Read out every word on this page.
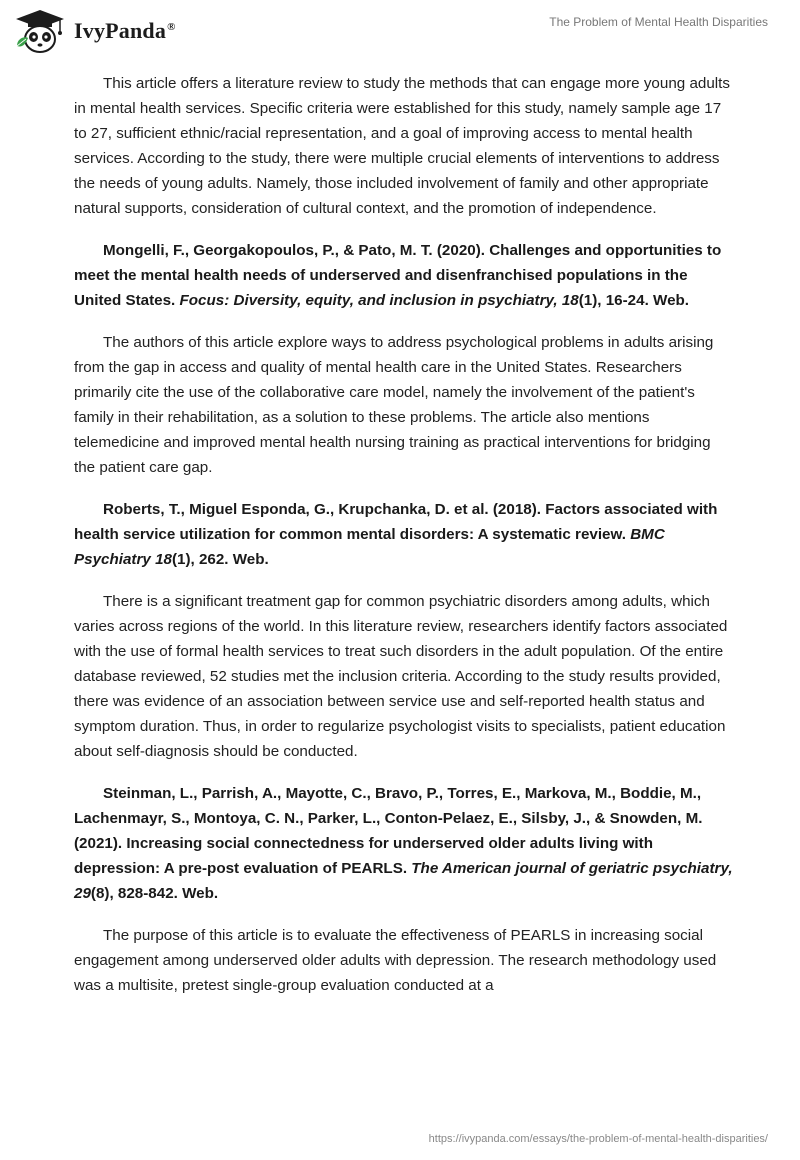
IvyPanda®	The Problem of Mental Health Disparities

This article offers a literature review to study the methods that can engage more young adults in mental health services. Specific criteria were established for this study, namely sample age 17 to 27, sufficient ethnic/racial representation, and a goal of improving access to mental health services. According to the study, there were multiple crucial elements of interventions to address the needs of young adults. Namely, those included involvement of family and other appropriate natural supports, consideration of cultural context, and the promotion of independence.

Mongelli, F., Georgakopoulos, P., & Pato, M. T. (2020). Challenges and opportunities to meet the mental health needs of underserved and disenfranchised populations in the United States. Focus: Diversity, equity, and inclusion in psychiatry, 18(1), 16-24. Web.

The authors of this article explore ways to address psychological problems in adults arising from the gap in access and quality of mental health care in the United States. Researchers primarily cite the use of the collaborative care model, namely the involvement of the patient's family in their rehabilitation, as a solution to these problems. The article also mentions telemedicine and improved mental health nursing training as practical interventions for bridging the patient care gap.

Roberts, T., Miguel Esponda, G., Krupchanka, D. et al. (2018). Factors associated with health service utilization for common mental disorders: A systematic review. BMC Psychiatry 18(1), 262. Web.

There is a significant treatment gap for common psychiatric disorders among adults, which varies across regions of the world. In this literature review, researchers identify factors associated with the use of formal health services to treat such disorders in the adult population. Of the entire database reviewed, 52 studies met the inclusion criteria. According to the study results provided, there was evidence of an association between service use and self-reported health status and symptom duration. Thus, in order to regularize psychologist visits to specialists, patient education about self-diagnosis should be conducted.

Steinman, L., Parrish, A., Mayotte, C., Bravo, P., Torres, E., Markova, M., Boddie, M., Lachenmayr, S., Montoya, C. N., Parker, L., Conton-Pelaez, E., Silsby, J., & Snowden, M. (2021). Increasing social connectedness for underserved older adults living with depression: A pre-post evaluation of PEARLS. The American journal of geriatric psychiatry, 29(8), 828-842. Web.

The purpose of this article is to evaluate the effectiveness of PEARLS in increasing social engagement among underserved older adults with depression. The research methodology used was a multisite, pretest single-group evaluation conducted at a

https://ivypanda.com/essays/the-problem-of-mental-health-disparities/
